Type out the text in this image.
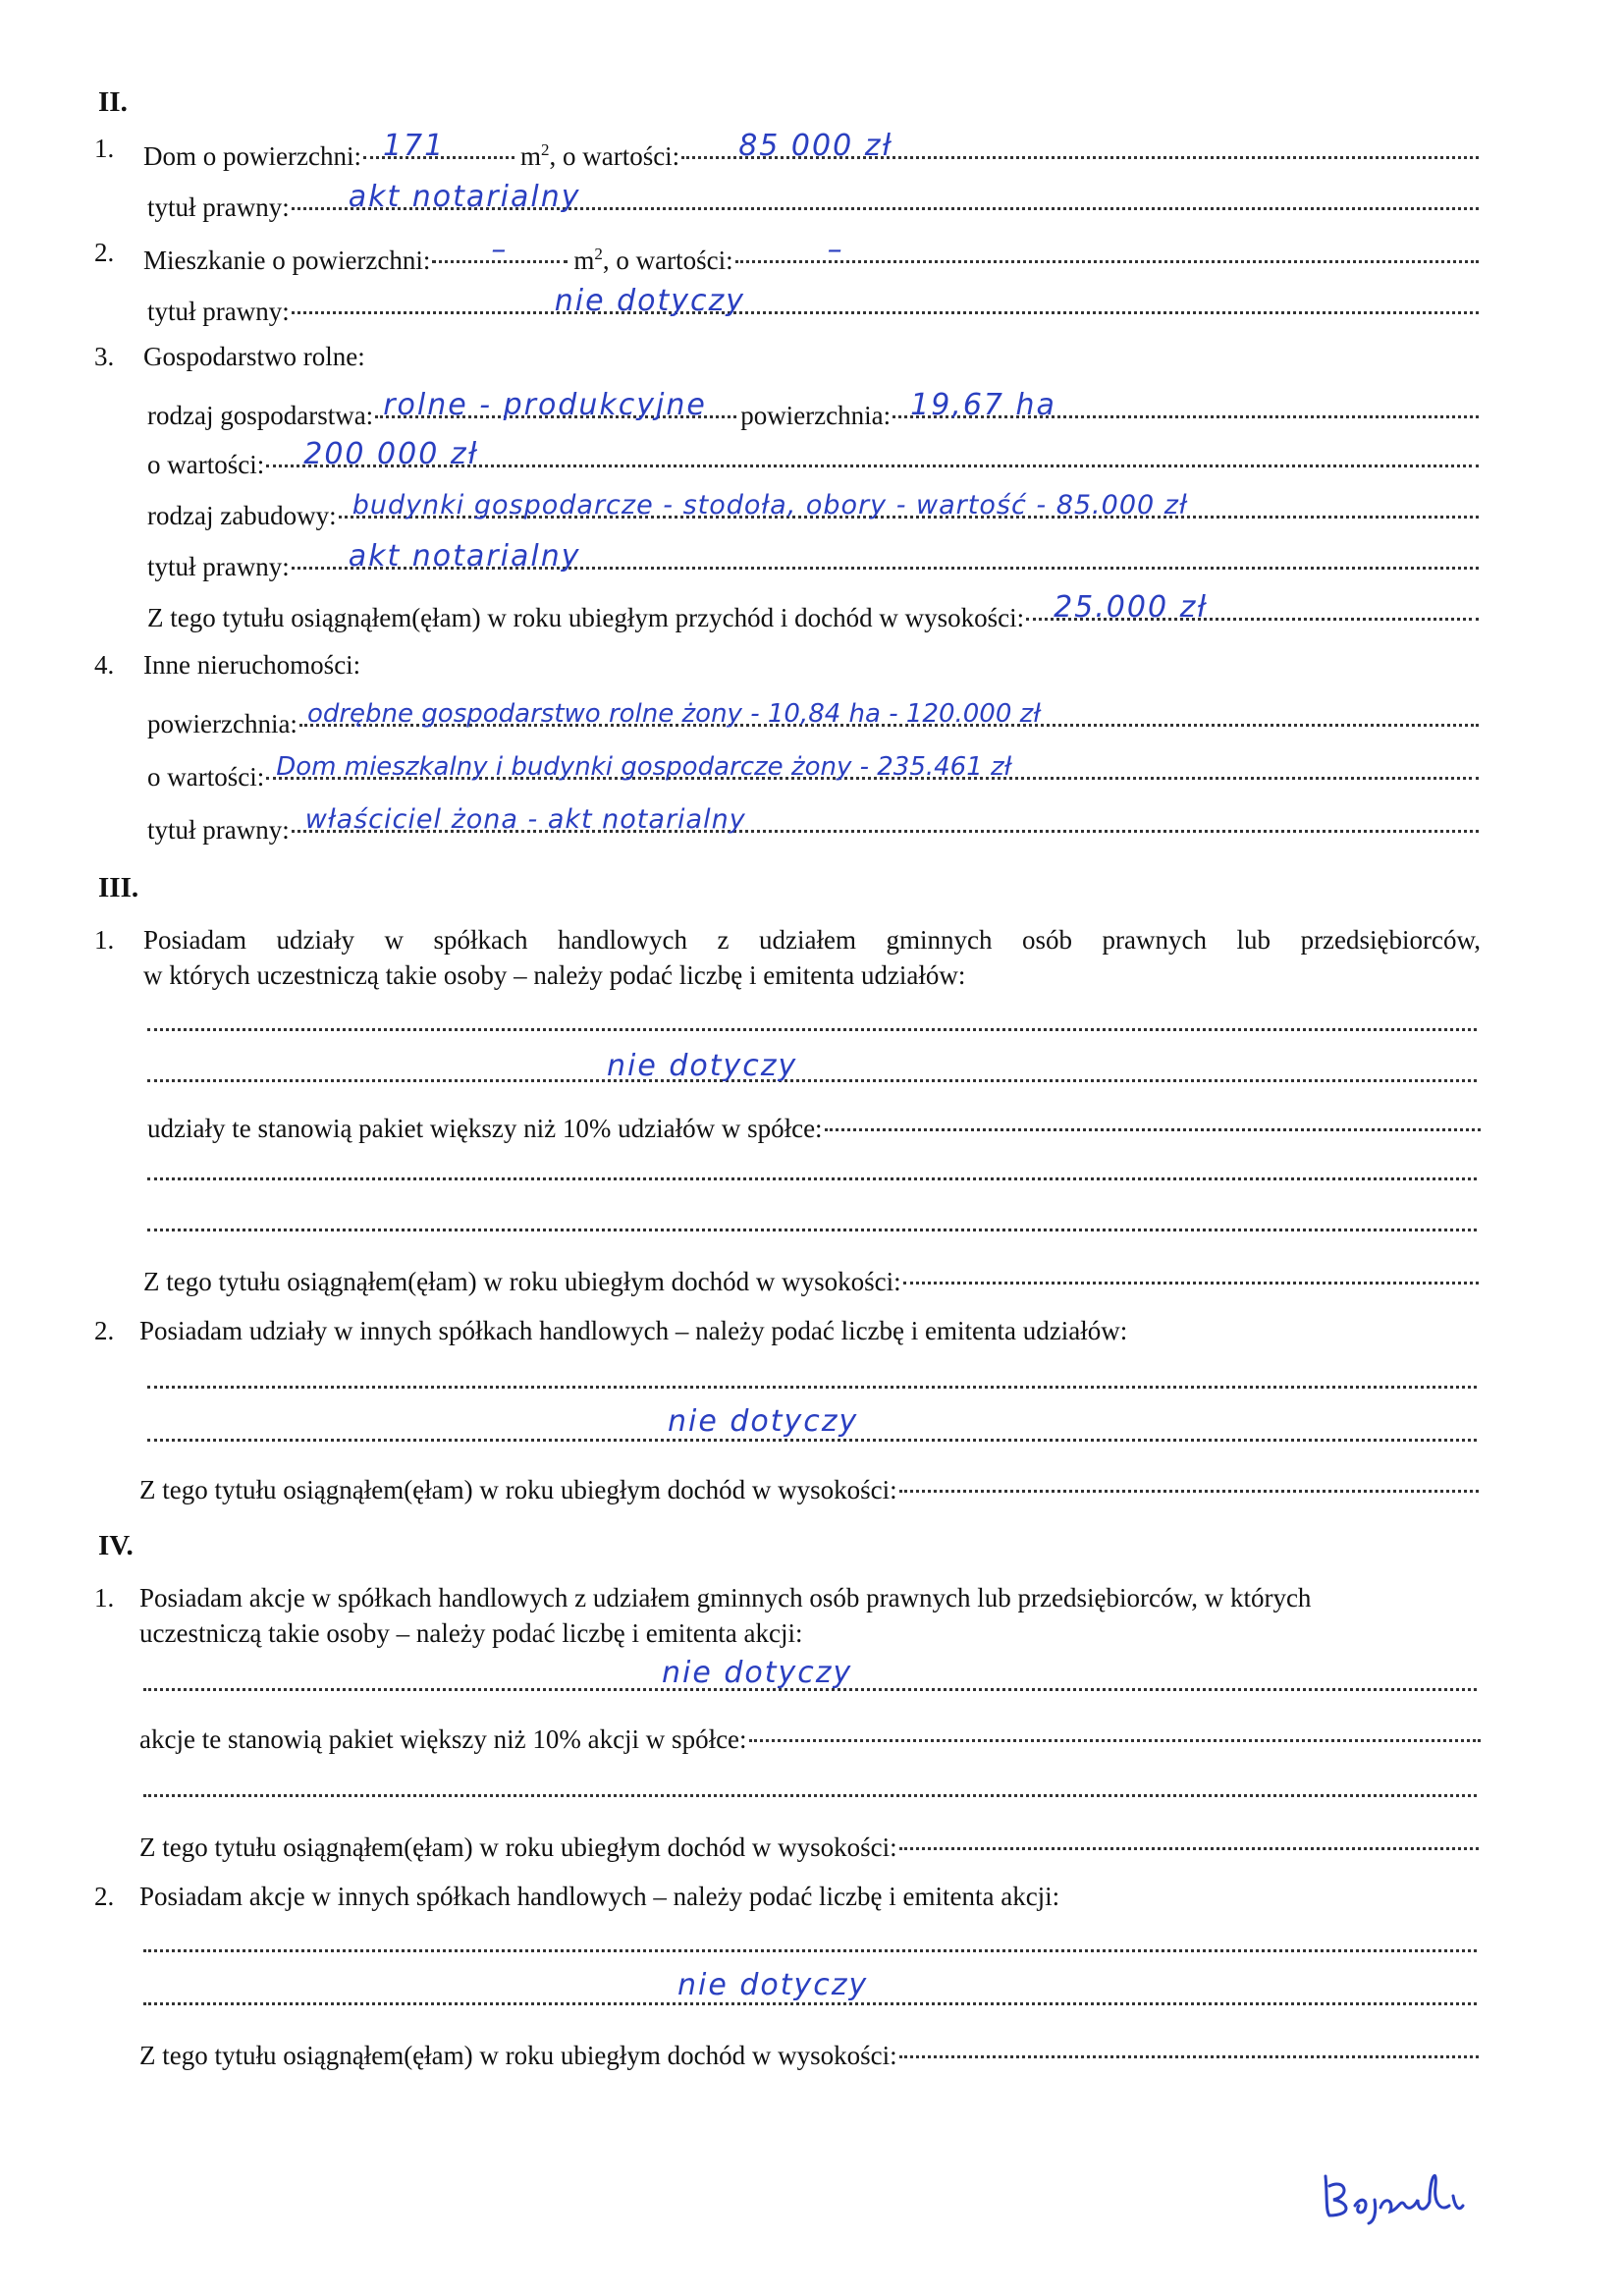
II.
1. Dom o powierzchni: 171	$m^2$, o wartości: 85 000 zł
tytuł prawny: akt notarialny
2. Mieszkanie o powierzchni: – $m^2$, o wartości:	–
tytuł prawny:	nie dotyczy
3. Gospodarstwo rolne:
rodzaj gospodarstwa: rolne - produkcyjne powierzchnia: 19,67 ha
o wartości: 200 000 zł
rodzaj zabudowy: budynki gospodarcze - stodoła, obory - wartość - 85.000 zł
tytuł prawny: akt notarialny
Z tego tytułu osiągnąłem(ęłam) w roku ubiegłym przychód i dochód w wysokości: 25.000 zł
4. Inne nieruchomości:
powierzchnia: odrębne gospodarstwo rolne żony - 10,84 ha - 120.000 zł
o wartości: Dom mieszkalny i budynki gospodarcze żony - 235.461 zł
tytuł prawny: właściciel żona - akt notarialny
III.
1. Posiadam udziały w spółkach handlowych z udziałem gminnych osób prawnych lub przedsiębiorców,
w których uczestniczą takie osoby – należy podać liczbę i emitenta udziałów:
nie dotyczy
udziały te stanowią pakiet większy niż 10% udziałów w spółce:
Z tego tytułu osiągnąłem(ęłam) w roku ubiegłym dochód w wysokości:
2. Posiadam udziały w innych spółkach handlowych – należy podać liczbę i emitenta udziałów:
nie dotyczy
Z tego tytułu osiągnąłem(ęłam) w roku ubiegłym dochód w wysokości:
IV.
1. Posiadam akcje w spółkach handlowych z udziałem gminnych osób prawnych lub przedsiębiorców, w których
uczestniczą takie osoby – należy podać liczbę i emitenta akcji:
nie dotyczy
akcje te stanowią pakiet większy niż 10% akcji w spółce:
Z tego tytułu osiągnąłem(ęłam) w roku ubiegłym dochód w wysokości:
2. Posiadam akcje w innych spółkach handlowych – należy podać liczbę i emitenta akcji:
nie dotyczy
Z tego tytułu osiągnąłem(ęłam) w roku ubiegłym dochód w wysokości:
